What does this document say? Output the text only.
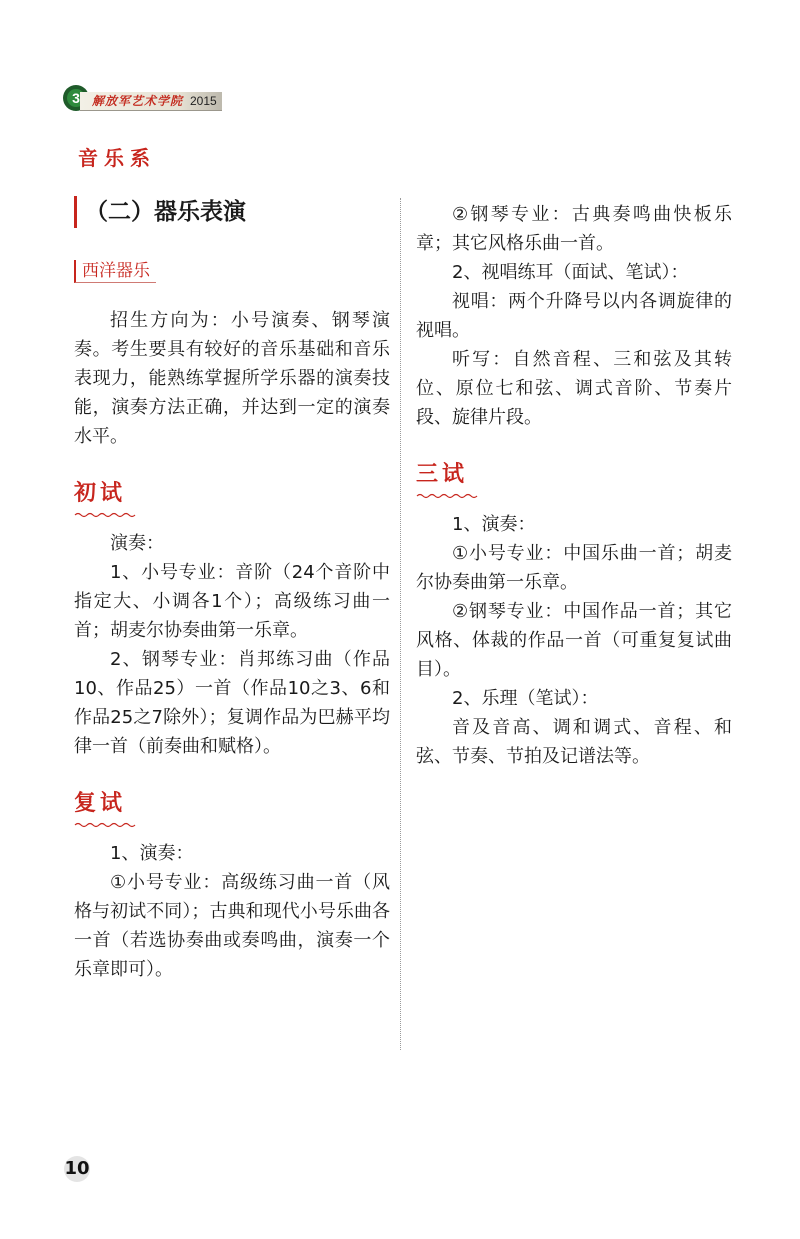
3 解放军艺术学院 2015
音乐系
（二）器乐表演
西洋器乐

招生方向为：小号演奏、钢琴演奏。考生要具有较好的音乐基础和音乐表现力，能熟练掌握所学乐器的演奏技能，演奏方法正确，并达到一定的演奏水平。

初试

演奏：

1、小号专业：音阶（24个音阶中指定大、小调各1个）；高级练习曲一首；胡麦尔协奏曲第一乐章。

2、钢琴专业：肖邦练习曲（作品10、作品25）一首（作品10之3、6和作品25之7除外）；复调作品为巴赫平均律一首（前奏曲和赋格）。

复试

1、演奏：

①小号专业：高级练习曲一首（风格与初试不同）；古典和现代小号乐曲各一首（若选协奏曲或奏鸣曲，演奏一个乐章即可）。

②钢琴专业：古典奏鸣曲快板乐章；其它风格乐曲一首。

2、视唱练耳（面试、笔试）：

视唱：两个升降号以内各调旋律的视唱。

听写：自然音程、三和弦及其转位、原位七和弦、调式音阶、节奏片段、旋律片段。

三试

1、演奏：

①小号专业：中国乐曲一首；胡麦尔协奏曲第一乐章。

②钢琴专业：中国作品一首；其它风格、体裁的作品一首（可重复复试曲目）。

2、乐理（笔试）：

音及音高、调和调式、音程、和弦、节奏、节拍及记谱法等。

10
